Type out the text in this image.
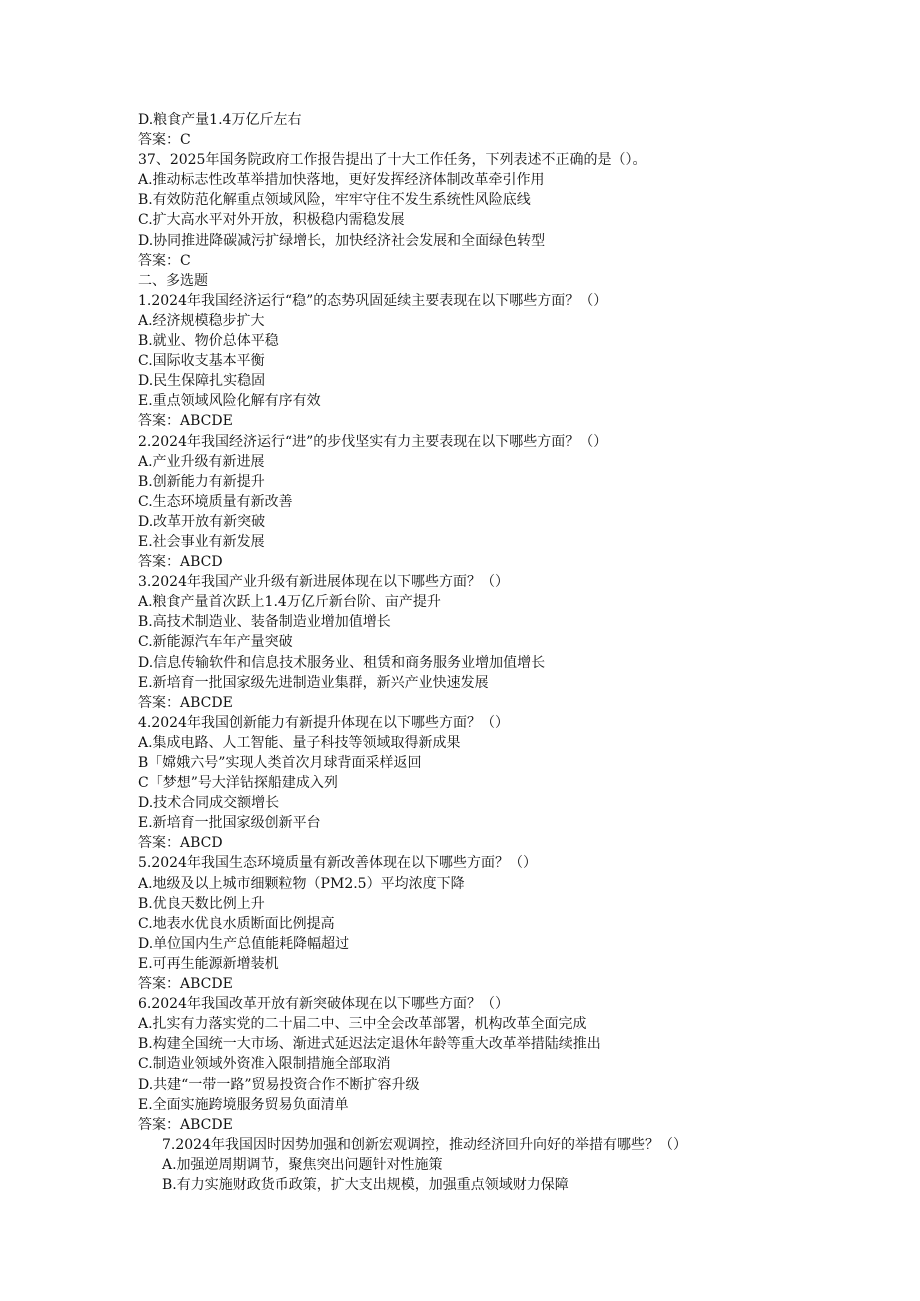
D.粮食产量1.4万亿斤左右
答案：C
37、2025年国务院政府工作报告提出了十大工作任务，下列表述不正确的是（）。
A.推动标志性改革举措加快落地，更好发挥经济体制改革牵引作用
B.有效防范化解重点领域风险，牢牢守住不发生系统性风险底线
C.扩大高水平对外开放，积极稳内需稳发展
D.协同推进降碳减污扩绿增长，加快经济社会发展和全面绿色转型
答案：C
二、多选题
1.2024年我国经济运行“稳”的态势巩固延续主要表现在以下哪些方面？（）
A.经济规模稳步扩大
B.就业、物价总体平稳
C.国际收支基本平衡
D.民生保障扎实稳固
E.重点领域风险化解有序有效
答案：ABCDE
2.2024年我国经济运行“进”的步伐坚实有力主要表现在以下哪些方面？（）
A.产业升级有新进展
B.创新能力有新提升
C.生态环境质量有新改善
D.改革开放有新突破
E.社会事业有新发展
答案：ABCD
3.2024年我国产业升级有新进展体现在以下哪些方面？（）
A.粮食产量首次跃上1.4万亿斤新台阶、亩产提升
B.高技术制造业、装备制造业增加值增长
C.新能源汽车年产量突破
D.信息传输软件和信息技术服务业、租赁和商务服务业增加值增长
E.新培育一批国家级先进制造业集群，新兴产业快速发展
答案：ABCDE
4.2024年我国创新能力有新提升体现在以下哪些方面？（）
A.集成电路、人工智能、量子科技等领域取得新成果
B「嫦娥六号”实现人类首次月球背面采样返回
C「梦想”号大洋钻探船建成入列
D.技术合同成交额增长
E.新培育一批国家级创新平台
答案：ABCD
5.2024年我国生态环境质量有新改善体现在以下哪些方面？（）
A.地级及以上城市细颗粒物（PM2.5）平均浓度下降
B.优良天数比例上升
C.地表水优良水质断面比例提高
D.单位国内生产总值能耗降幅超过
E.可再生能源新增装机
答案：ABCDE
6.2024年我国改革开放有新突破体现在以下哪些方面？（）
A.扎实有力落实党的二十届二中、三中全会改革部署，机构改革全面完成
B.构建全国统一大市场、渐进式延迟法定退休年龄等重大改革举措陆续推出
C.制造业领域外资准入限制措施全部取消
D.共建“一带一路”贸易投资合作不断扩容升级
E.全面实施跨境服务贸易负面清单
答案：ABCDE
7.2024年我国因时因势加强和创新宏观调控，推动经济回升向好的举措有哪些？（）
A.加强逆周期调节，聚焦突出问题针对性施策
B.有力实施财政货币政策，扩大支出规模，加强重点领域财力保障
